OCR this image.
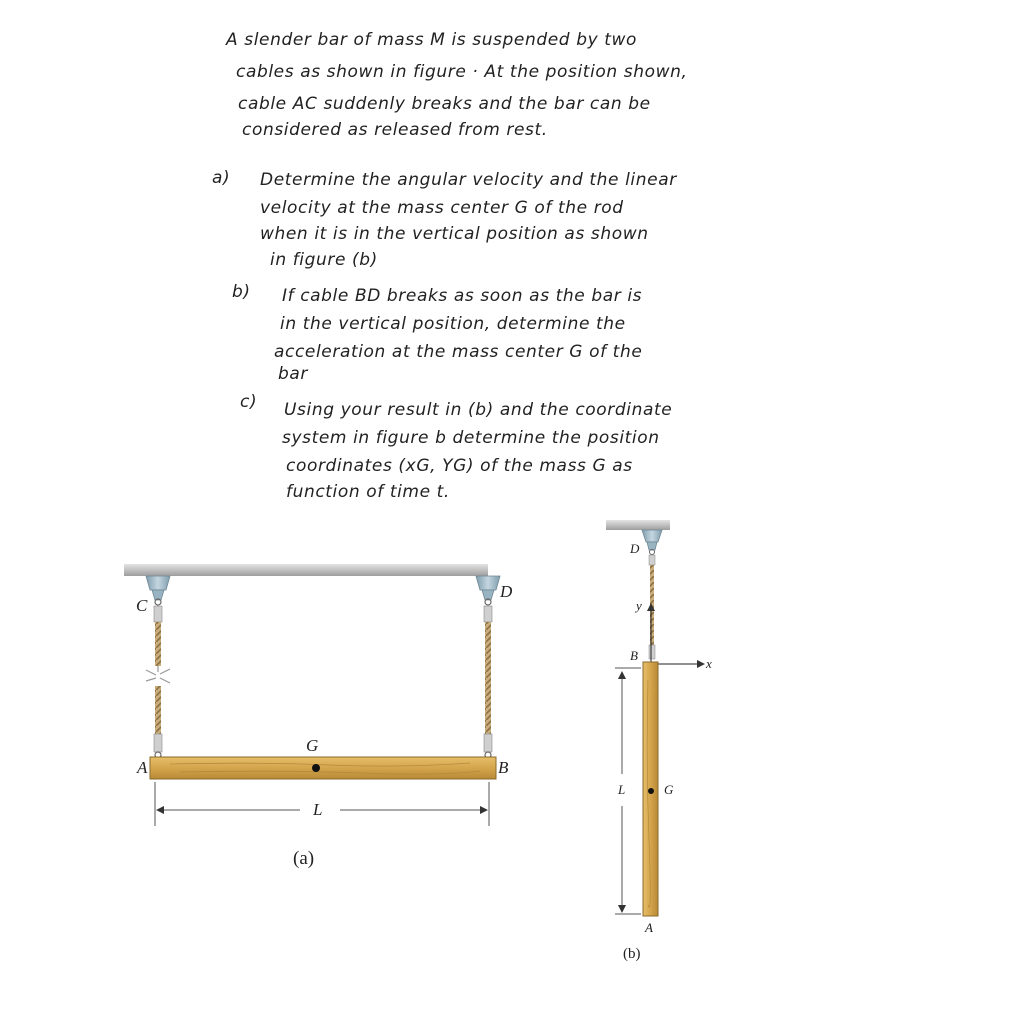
A slender bar of mass M is suspended by two
cables as shown in figure · At the position shown,
cable AC suddenly breaks and the bar can be
considered as released from rest.
a) Determine the angular velocity and the linear
velocity at the mass center G of the rod
when it is in the vertical position as shown
in figure (b)
b) If cable BD breaks as soon as the bar is
in the vertical position, determine the
acceleration at the mass center G of the
bar
c) Using your result in (b) and the coordinate
system in figure b determine the position
coordinates (xG, YG) of the mass G as
function of time t.
C
D
A	B
G
L
(a)
D
y
B
x
L	G
A
(b)
